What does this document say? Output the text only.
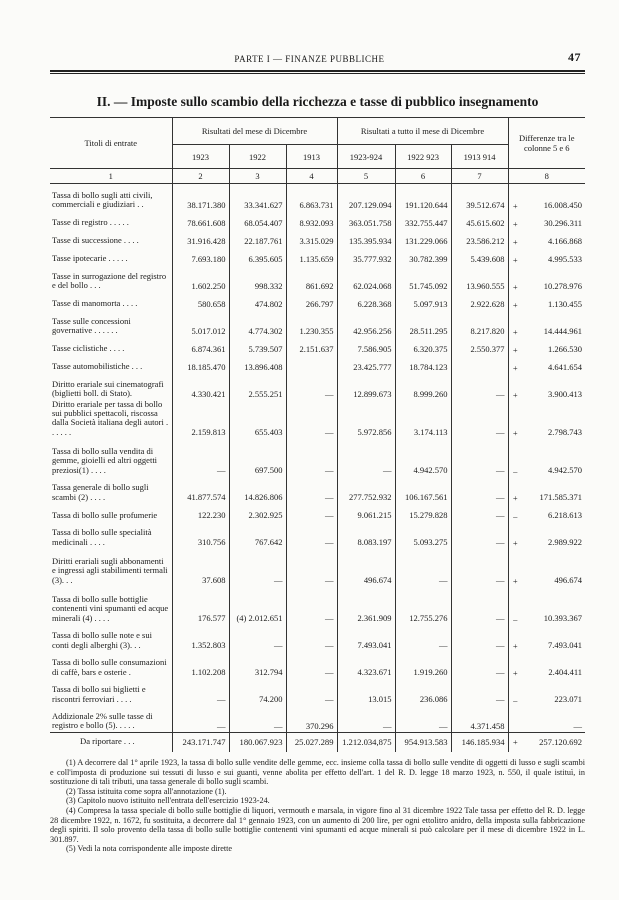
PARTE I — FINANZE PUBBLICHE	47
II. — Imposte sullo scambio della ricchezza e tasse di pubblico insegnamento
Titoli di entrate	Risultati del mese di Dicembre			Risultati a tutto il mese di Dicembre			Differenze tra le colonne 5 e 6	
	1923	1922	1913	1923-924	1922 923	1913 914		
1	2	3	4	5	6	7	8	
Tassa di bollo sugli atti civili, commerciali e giudiziari . .	38.171.380	33.341.627	6.863.731	207.129.094	191.120.644	39.512.674	+	16.008.450
Tasse di registro . . . . .	78.661.608	68.054.407	8.932.093	363.051.758	332.755.447	45.615.602	+	30.296.311
Tasse di successione . . . .	31.916.428	22.187.761	3.315.029	135.395.934	131.229.066	23.586.212	+	4.166.868
Tasse ipotecarie . . . . .	7.693.180	6.395.605	1.135.659	35.777.932	30.782.399	5.439.608	+	4.995.533
Tasse in surrogazione del registro e del bollo . . .	1.602.250	998.332	861.692	62.024.068	51.745.092	13.960.555	+	10.278.976
Tasse di manomorta . . . .	580.658	474.802	266.797	6.228.368	5.097.913	2.922.628	+	1.130.455
Tasse sulle concessioni governative . . . . . .	5.017.012	4.774.302	1.230.355	42.956.256	28.511.295	8.217.820	+	14.444.961
Tasse ciclistiche . . . .	6.874.361	5.739.507	2.151.637	7.586.905	6.320.375	2.550.377	+	1.266.530
Tasse automobilistiche . . .	18.185.470	13.896.408		23.425.777	18.784.123		+	4.641.654
Diritto erariale sui cinematografi (biglietti boll. di Stato).	4.330.421	2.555.251	—	12.899.673	8.999.260	—	+	3.900.413
Diritto erariale per tassa di bollo sui pubblici spettacoli, riscossa dalla Società italiana degli autori . . . . . .	2.159.813	655.403	—	5.972.856	3.174.113	—	+	2.798.743
Tassa di bollo sulla vendita di gemme, gioielli ed altri oggetti preziosi(1) . . . .	—	697.500	—	—	4.942.570	—	–	4.942.570
Tassa generale di bollo sugli scambi (2) . . . .	41.877.574	14.826.806	—	277.752.932	106.167.561	—	+	171.585.371
Tassa di bollo sulle profumerie	122.230	2.302.925	—	9.061.215	15.279.828	—	–	6.218.613
Tassa di bollo sulle specialità medicinali . . . .	310.756	767.642	—	8.083.197	5.093.275	—	+	2.989.922
Diritti erariali sugli abbonamenti e ingressi agli stabilimenti termali (3). . .	37.608	—	—	496.674	—	—	+	496.674
Tassa di bollo sulle bottiglie contenenti vini spumanti ed acque minerali (4) . . . .	176.577	(4) 2.012.651	—	2.361.909	12.755.276	—	–	10.393.367
Tassa di bollo sulle note e sui conti degli alberghi (3). . .	1.352.803	—	—	7.493.041	—	—	+	7.493.041
Tassa di bollo sulle consumazioni di caffè, bars e osterie .	1.102.208	312.794	—	4.323.671	1.919.260	—	+	2.404.411
Tassa di bollo sui biglietti e riscontri ferroviari . . . .	—	74.200	—	13.015	236.086	—	–	223.071
Addizionale 2% sulle tasse di registro e bollo (5). . . . .	—	—	370.296	—	—	4.371.458		—
Da riportare . . .	243.171.747	180.067.923	25.027.289	1.212.034,875	954.913.583	146.185.934	+	257.120.692

(1) A decorrere dal 1° aprile 1923, la tassa di bollo sulle vendite delle gemme, ecc. insieme colla tassa di bollo sulle vendite di oggetti di lusso e sugli scambi e coll'imposta di produzione sui tessuti di lusso e sui guanti, venne abolita per effetto dell'art. 1 del R. D. legge 18 marzo 1923, n. 550, il quale istituì, in sostituzione di tali tributi, una tassa generale di bollo sugli scambi.

(2) Tassa istituita come sopra all'annotazione (1).

(3) Capitolo nuovo istituito nell'entrata dell'esercizio 1923-24.

(4) Compresa la tassa speciale di bollo sulle bottiglie di liquori, vermouth e marsala, in vigore fino al 31 dicembre 1922 Tale tassa per effetto del R. D. legge 28 dicembre 1922, n. 1672, fu sostituita, a decorrere dal 1° gennaio 1923, con un aumento di 200 lire, per ogni ettolitro anidro, della imposta sulla fabbricazione degli spiriti. Il solo provento della tassa di bollo sulle bottiglie contenenti vini spumanti ed acque minerali si può calcolare per il mese di dicembre 1922 in L. 301.897.

(5) Vedi la nota corrispondente alle imposte dirette
